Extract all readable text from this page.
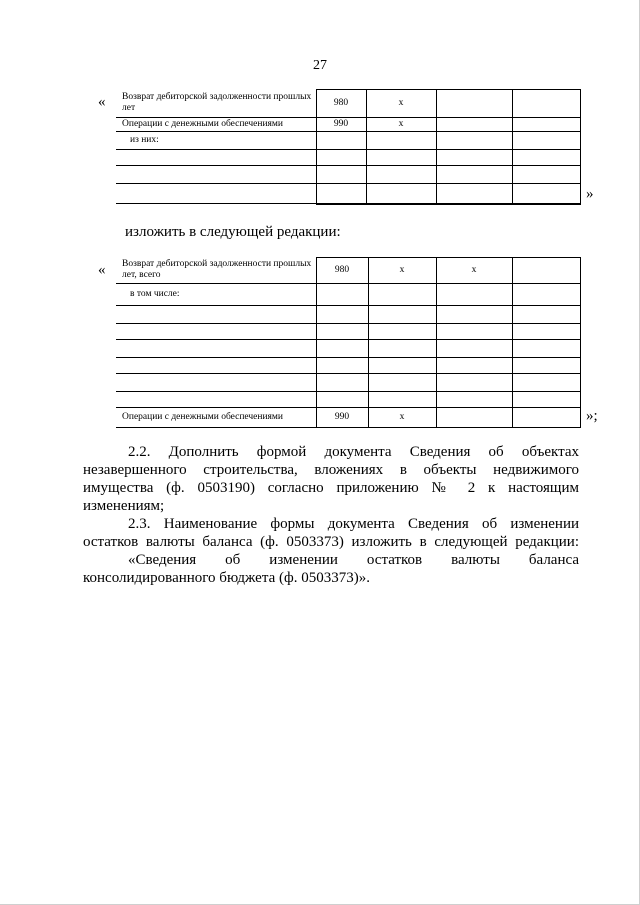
27
« Возврат дебиторской задолженности прошлых лет	980	х		
Операции с денежными обеспечениями	990	х		
из них:				

»
изложить в следующей редакции:
« Возврат дебиторской задолженности прошлых лет, всего	980	х	х	
в том числе:				

Операции с денежными обеспечениями	990	х			»;
2.2. Дополнить формой документа Сведения об объектах
незавершенного строительства, вложениях в объекты недвижимого
имущества (ф. 0503190) согласно приложению № 2 к настоящим
изменениям;
2.3. Наименование формы документа Сведения об изменении
остатков валюты баланса (ф. 0503373) изложить в следующей редакции:
«Сведения об изменении остатков валюты баланса
консолидированного бюджета (ф. 0503373)».
